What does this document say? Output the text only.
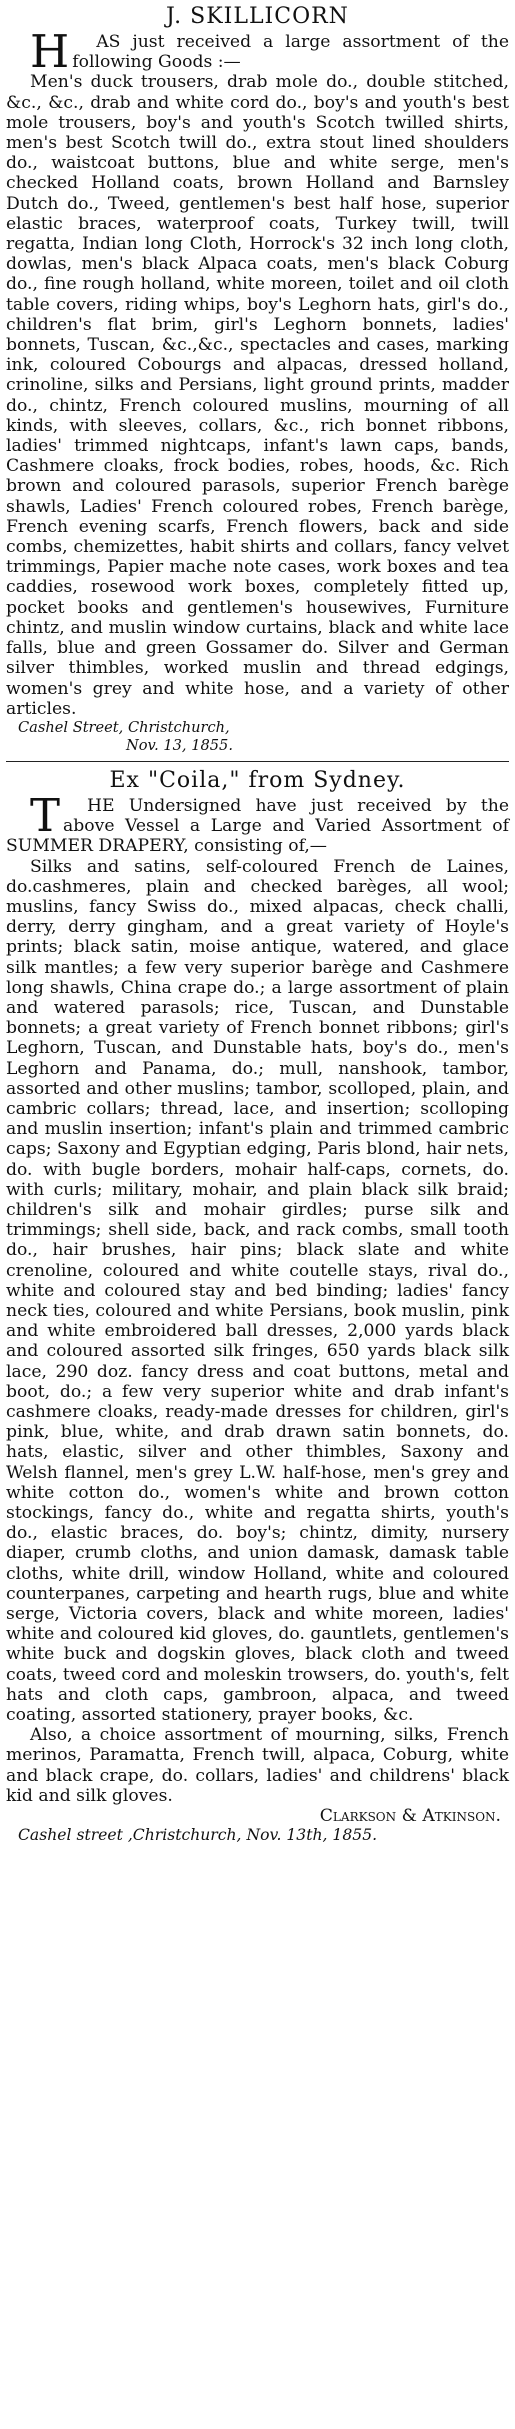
J. SKILLICORN

H AS just received a large assortment of the following Goods :—

Men's duck trousers, drab mole do., double stitched, &c., &c., drab and white cord do., boy's and youth's best mole trousers, boy's and youth's Scotch twilled shirts, men's best Scotch twill do., extra stout lined shoulders do., waistcoat buttons, blue and white serge, men's checked Holland coats, brown Holland and Barnsley Dutch do., Tweed, gentlemen's best half hose, superior elastic braces, waterproof coats, Turkey twill, twill regatta, Indian long Cloth, Horrock's 32 inch long cloth, dowlas, men's black Alpaca coats, men's black Coburg do., fine rough holland, white moreen, toilet and oil cloth table covers, riding whips, boy's Leghorn hats, girl's do., children's flat brim, girl's Leghorn bonnets, ladies' bonnets, Tuscan, &c.,&c., spectacles and cases, marking ink, coloured Cobourgs and alpacas, dressed holland, crinoline, silks and Persians, light ground prints, madder do., chintz, French coloured muslins, mourning of all kinds, with sleeves, collars, &c., rich bonnet ribbons, ladies' trimmed nightcaps, infant's lawn caps, bands, Cashmere cloaks, frock bodies, robes, hoods, &c. Rich brown and coloured parasols, superior French barège shawls, Ladies' French coloured robes, French barège, French evening scarfs, French flowers, back and side combs, chemizettes, habit shirts and collars, fancy velvet trimmings, Papier mache note cases, work boxes and tea caddies, rosewood work boxes, completely fitted up, pocket books and gentlemen's housewives, Furniture chintz, and muslin window curtains, black and white lace falls, blue and green Gossamer do. Silver and German silver thimbles, worked muslin and thread edgings, women's grey and white hose, and a variety of other articles.

Cashel Street, Christchurch,

Nov. 13, 1855.

Ex "Coila," from Sydney.

T HE Undersigned have just received by the above Vessel a Large and Varied Assortment of SUMMER DRAPERY, consisting of,—

Silks and satins, self-coloured French de Laines, do.cashmeres, plain and checked barèges, all wool; muslins, fancy Swiss do., mixed alpacas, check challi, derry, derry gingham, and a great variety of Hoyle's prints; black satin, moise antique, watered, and glace silk mantles; a few very superior barège and Cashmere long shawls, China crape do.; a large assortment of plain and watered parasols; rice, Tuscan, and Dunstable bonnets; a great variety of French bonnet ribbons; girl's Leghorn, Tuscan, and Dunstable hats, boy's do., men's Leghorn and Panama, do.; mull, nanshook, tambor, assorted and other muslins; tambor, scolloped, plain, and cambric collars; thread, lace, and insertion; scolloping and muslin insertion; infant's plain and trimmed cambric caps; Saxony and Egyptian edging, Paris blond, hair nets, do. with bugle borders, mohair half-caps, cornets, do. with curls; military, mohair, and plain black silk braid; children's silk and mohair girdles; purse silk and trimmings; shell side, back, and rack combs, small tooth do., hair brushes, hair pins; black slate and white crenoline, coloured and white coutelle stays, rival do., white and coloured stay and bed binding; ladies' fancy neck ties, coloured and white Persians, book muslin, pink and white embroidered ball dresses, 2,000 yards black and coloured assorted silk fringes, 650 yards black silk lace, 290 doz. fancy dress and coat buttons, metal and boot, do.; a few very superior white and drab infant's cashmere cloaks, ready-made dresses for children, girl's pink, blue, white, and drab drawn satin bonnets, do. hats, elastic, silver and other thimbles, Saxony and Welsh flannel, men's grey L.W. half-hose, men's grey and white cotton do., women's white and brown cotton stockings, fancy do., white and regatta shirts, youth's do., elastic braces, do. boy's; chintz, dimity, nursery diaper, crumb cloths, and union damask, damask table cloths, white drill, window Holland, white and coloured counterpanes, carpeting and hearth rugs, blue and white serge, Victoria covers, black and white moreen, ladies' white and coloured kid gloves, do. gauntlets, gentlemen's white buck and dogskin gloves, black cloth and tweed coats, tweed cord and moleskin trowsers, do. youth's, felt hats and cloth caps, gambroon, alpaca, and tweed coating, assorted stationery, prayer books, &c.

Also, a choice assortment of mourning, silks, French merinos, Paramatta, French twill, alpaca, Coburg, white and black crape, do. collars, ladies' and childrens' black kid and silk gloves.

Clarkson & Atkinson.

Cashel street ,Christchurch, Nov. 13th, 1855.
